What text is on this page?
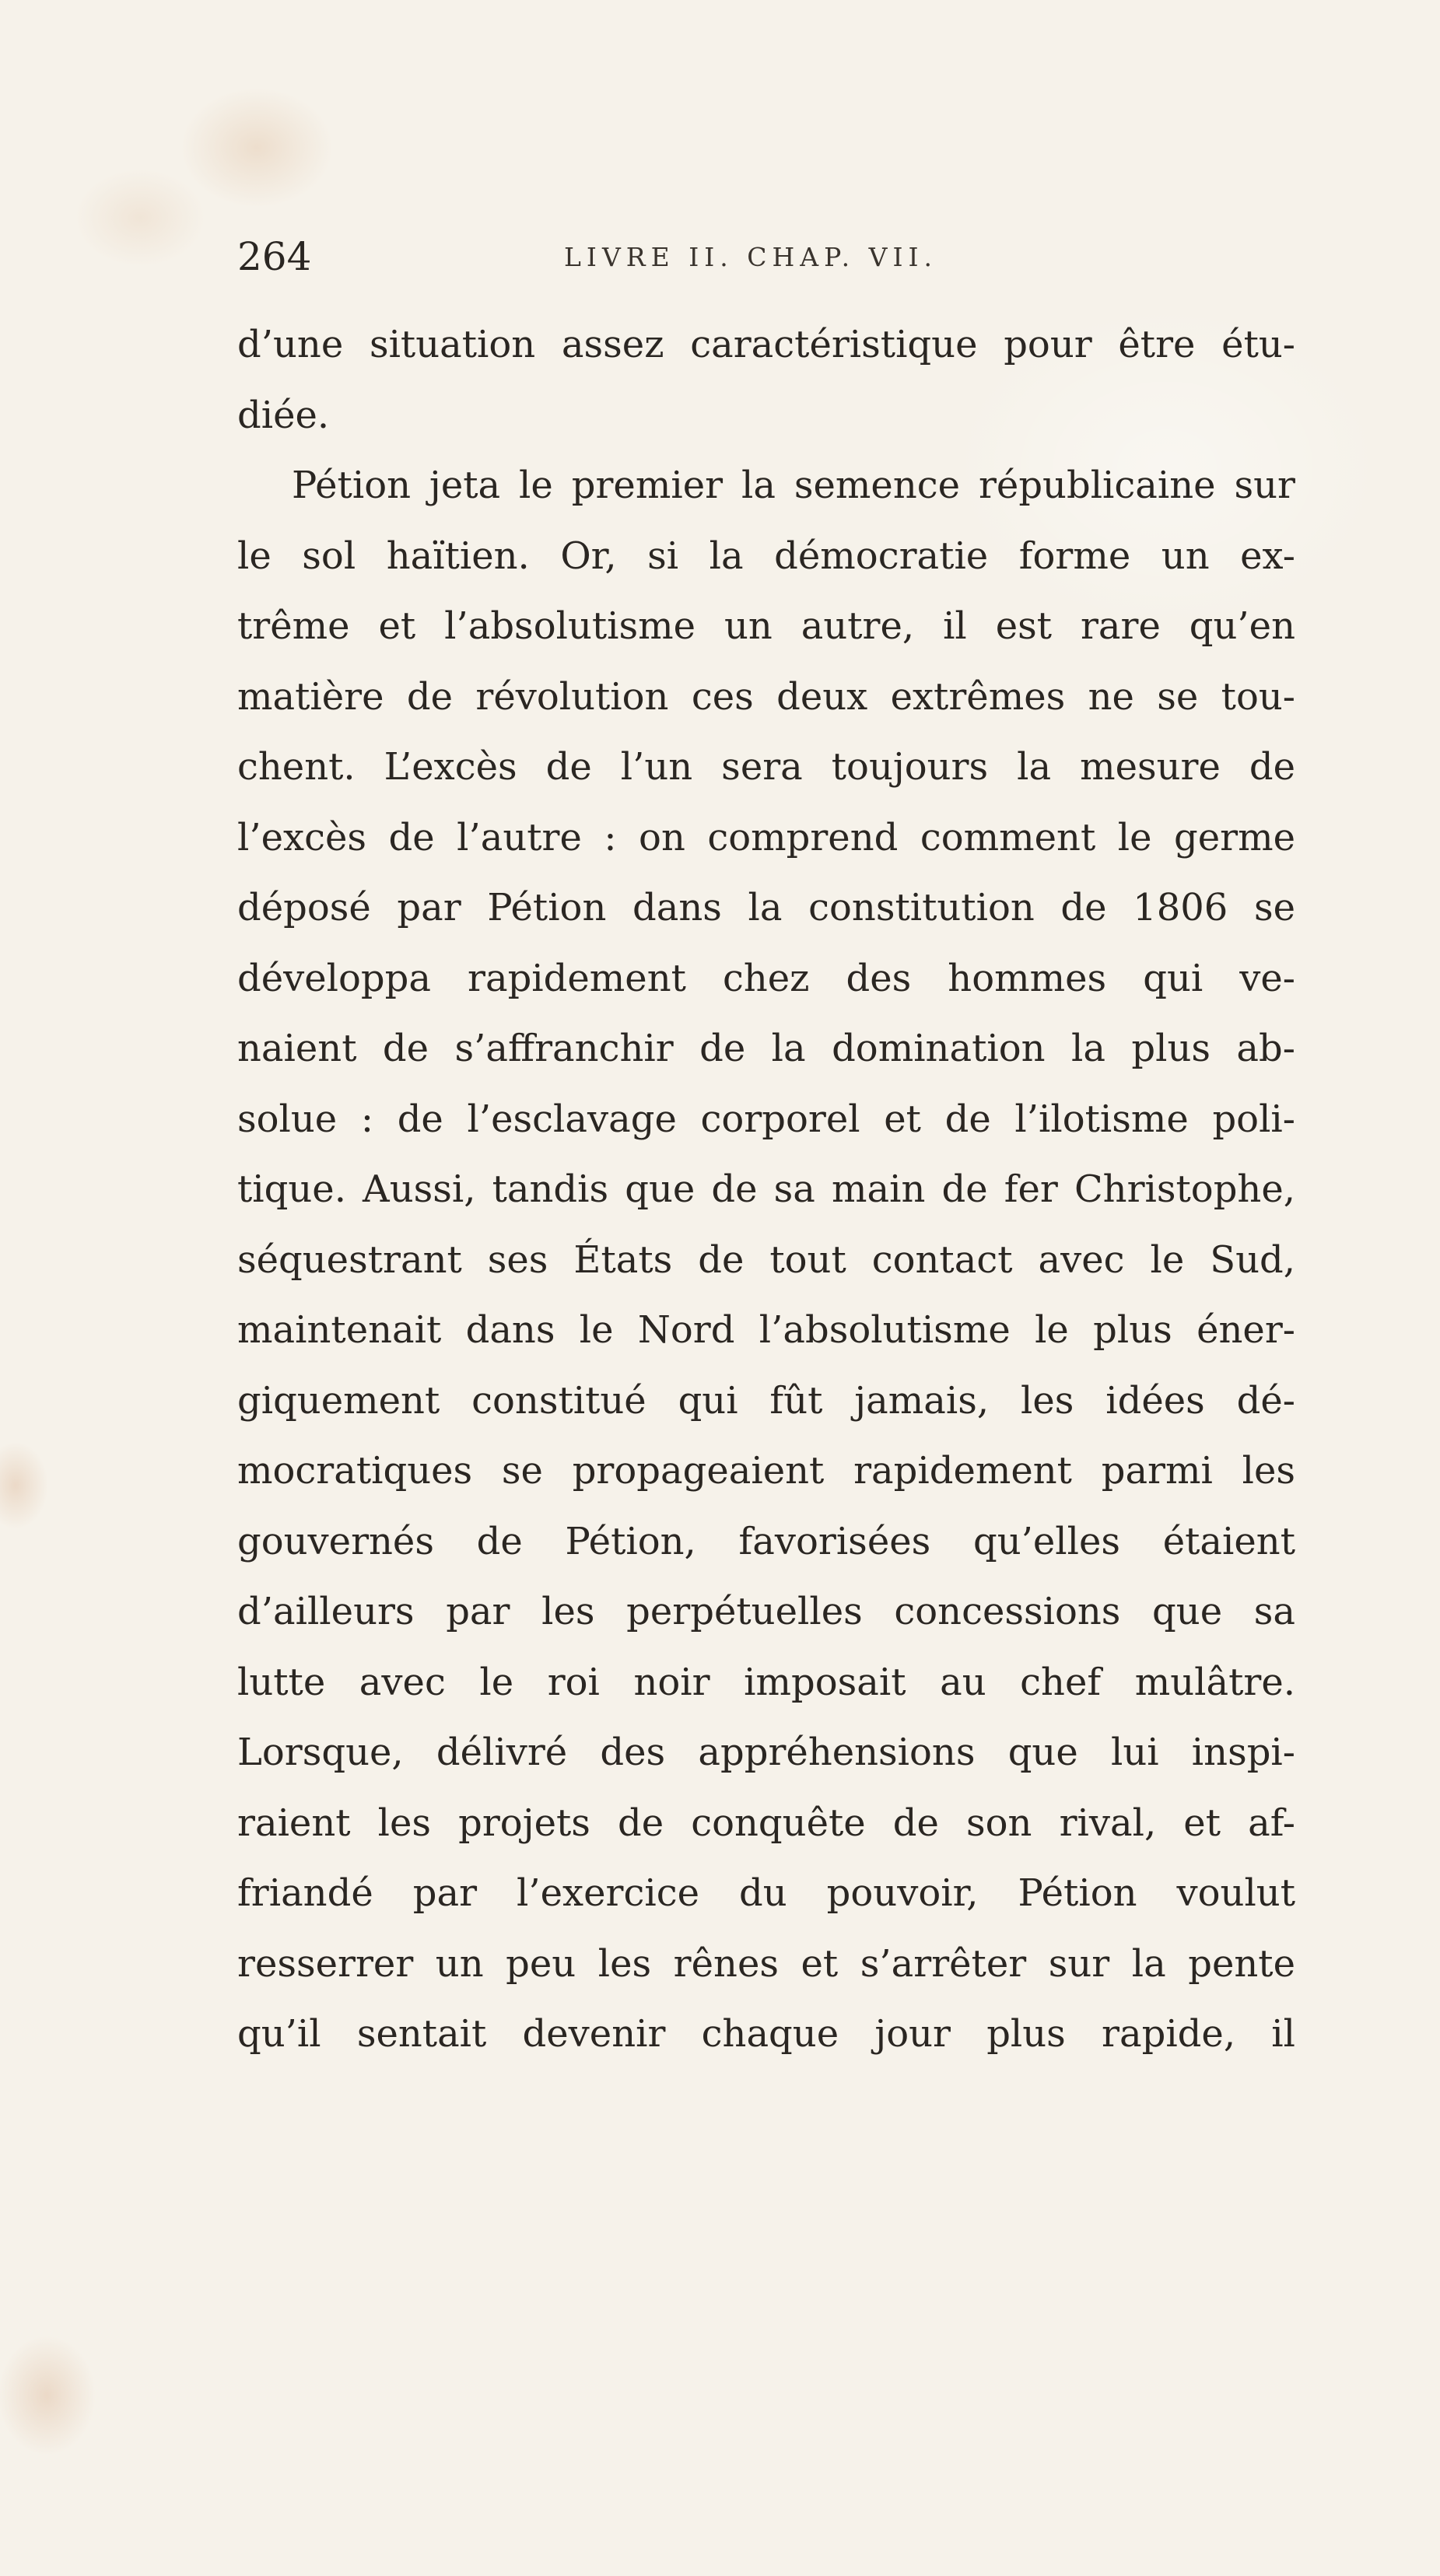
264	LIVRE II. CHAP. VII.
d’une situation assez caractéristique pour être étu-
diée.
Pétion jeta le premier la semence républicaine sur
le sol haïtien. Or, si la démocratie forme un ex-
trême et l’absolutisme un autre, il est rare qu’en
matière de révolution ces deux extrêmes ne se tou-
chent. L’excès de l’un sera toujours la mesure de
l’excès de l’autre : on comprend comment le germe
déposé par Pétion dans la constitution de 1806 se
développa rapidement chez des hommes qui ve-
naient de s’affranchir de la domination la plus ab-
solue : de l’esclavage corporel et de l’ilotisme poli-
tique. Aussi, tandis que de sa main de fer Christophe,
séquestrant ses États de tout contact avec le Sud,
maintenait dans le Nord l’absolutisme le plus éner-
giquement constitué qui fût jamais, les idées dé-
mocratiques se propageaient rapidement parmi les
gouvernés de Pétion, favorisées qu’elles étaient
d’ailleurs par les perpétuelles concessions que sa
lutte avec le roi noir imposait au chef mulâtre.
Lorsque, délivré des appréhensions que lui inspi-
raient les projets de conquête de son rival, et af-
friandé par l’exercice du pouvoir, Pétion voulut
resserrer un peu les rênes et s’arrêter sur la pente
qu’il sentait devenir chaque jour plus rapide, il
